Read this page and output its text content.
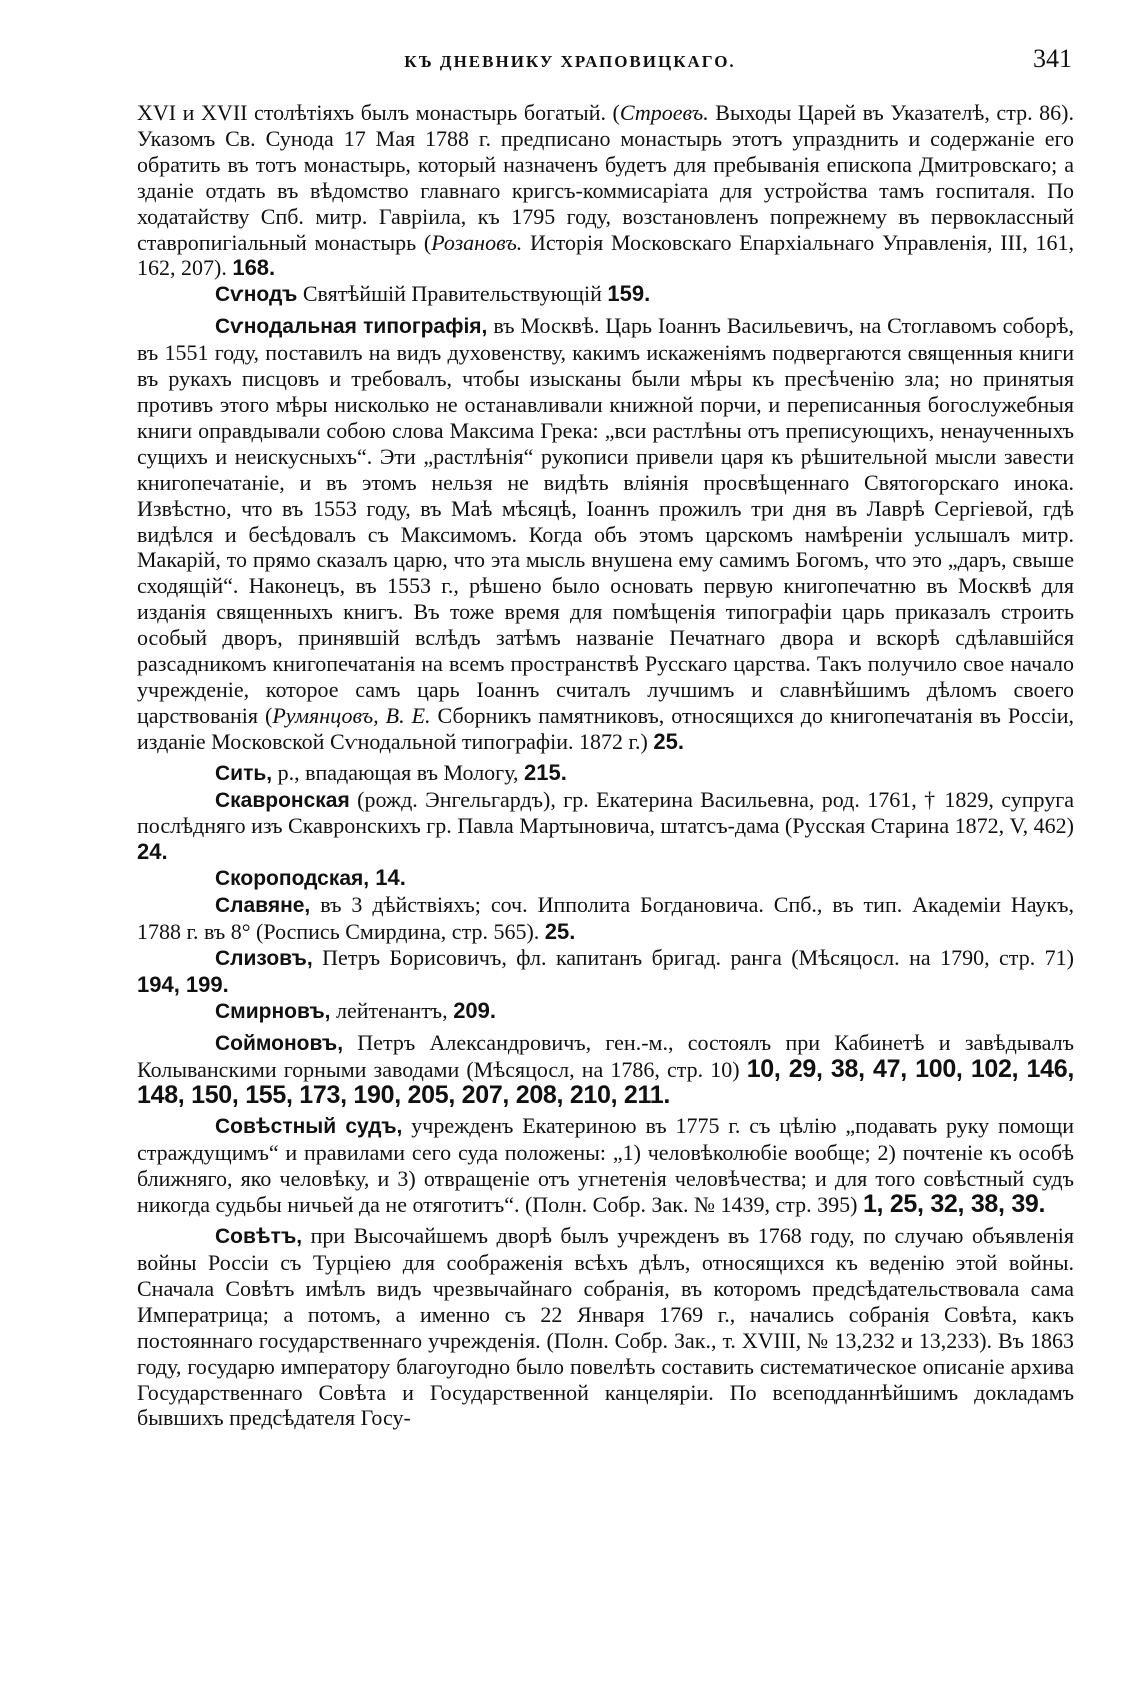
КЪ ДНЕВНИКУ ХРАПОВИЦКАГО.	341

XVI и XVII столѣтіяхъ былъ монастырь богатый. (Строевъ. Выходы Царей въ Указателѣ, стр. 86). Указомъ Св. Сунода 17 Мая 1788 г. предписано монастырь этотъ упразднить и содержаніе его обратить въ тотъ монастырь, который назначенъ будетъ для пребыванія епископа Дмитровскаго; а зданіе отдать въ вѣдомство главнаго кригсъ-коммисаріата для устройства тамъ госпиталя. По ходатайству Спб. митр. Гавріила, къ 1795 году, возстановленъ попрежнему въ первоклассный ставропигіальный монастырь (Розановъ. Исторія Московскаго Епархіальнаго Управленія, III, 161, 162, 207). 168.

Сѵнодъ Святѣйшій Правительствующій 159.

Сѵнодальная типографія, въ Москвѣ. Царь Іоаннъ Васильевичъ, на Стоглавомъ соборѣ, въ 1551 году, поставилъ на видъ духовенству, какимъ искаженіямъ подвергаются священныя книги въ рукахъ писцовъ и требовалъ, чтобы изысканы были мѣры къ пресѣченію зла; но принятыя противъ этого мѣры нисколько не останавливали книжной порчи, и переписанныя богослужебныя книги оправдывали собою слова Максима Грека: „вси растлѣны отъ преписующихъ, ненаученныхъ сущихъ и неискусныхъ“. Эти „растлѣнія“ рукописи привели царя къ рѣшительной мысли завести книгопечатаніе, и въ этомъ нельзя не видѣть вліянія просвѣщеннаго Святогорскаго инока. Извѣстно, что въ 1553 году, въ Маѣ мѣсяцѣ, Іоаннъ прожилъ три дня въ Лаврѣ Сергіевой, гдѣ видѣлся и бесѣдовалъ съ Максимомъ. Когда объ этомъ царскомъ намѣреніи услышалъ митр. Макарій, то прямо сказалъ царю, что эта мысль внушена ему самимъ Богомъ, что это „даръ, свыше сходящій“. Наконецъ, въ 1553 г., рѣшено было основать первую книгопечатню въ Москвѣ для изданія священныхъ книгъ. Въ тоже время для помѣщенія типографіи царь приказалъ строить особый дворъ, принявшій вслѣдъ затѣмъ названіе Печатнаго двора и вскорѣ сдѣлавшійся разсадникомъ книгопечатанія на всемъ пространствѣ Русскаго царства. Такъ получило свое начало учрежденіе, которое самъ царь Іоаннъ считалъ лучшимъ и славнѣйшимъ дѣломъ своего царствованія (Румянцовъ, В. Е. Сборникъ памятниковъ, относящихся до книгопечатанія въ Россіи, изданіе Московской Сѵнодальной типографіи. 1872 г.) 25.

Сить, р., впадающая въ Мологу, 215.

Скавронская (рожд. Энгельгардъ), гр. Екатерина Васильевна, род. 1761, † 1829, супруга послѣдняго изъ Скавронскихъ гр. Павла Мартыновича, штатсъ-дама (Русская Старина 1872, V, 462) 24.

Скороподская, 14.

Славяне, въ 3 дѣйствіяхъ; соч. Ипполита Богдановича. Спб., въ тип. Академіи Наукъ, 1788 г. въ 8° (Роспись Смирдина, стр. 565). 25.

Слизовъ, Петръ Борисовичъ, фл. капитанъ бригад. ранга (Мѣсяцосл. на 1790, стр. 71) 194, 199.

Смирновъ, лейтенантъ, 209.

Соймоновъ, Петръ Александровичъ, ген.-м., состоялъ при Кабинетѣ и завѣдывалъ Колыванскими горными заводами (Мѣсяцосл, на 1786, стр. 10) 10, 29, 38, 47, 100, 102, 146, 148, 150, 155, 173, 190, 205, 207, 208, 210, 211.

Совѣстный судъ, учрежденъ Екатериною въ 1775 г. съ цѣлію „подавать руку помощи страждущимъ“ и правилами сего суда положены: „1) человѣколюбіе вообще; 2) почтеніе къ особѣ ближняго, яко человѣку, и 3) отвращеніе отъ угнетенія человѣчества; и для того совѣстный судъ никогда судьбы ничьей да не отяготитъ“. (Полн. Собр. Зак. № 1439, стр. 395) 1, 25, 32, 38, 39.

Совѣтъ, при Высочайшемъ дворѣ былъ учрежденъ въ 1768 году, по случаю объявленія войны Россіи съ Турціею для соображенія всѣхъ дѣлъ, относящихся къ веденію этой войны. Сначала Совѣтъ имѣлъ видъ чрезвычайнаго собранія, въ которомъ предсѣдательствовала сама Императрица; а потомъ, а именно съ 22 Января 1769 г., начались собранія Совѣта, какъ постояннаго государственнаго учрежденія. (Полн. Собр. Зак., т. XVIII, № 13,232 и 13,233). Въ 1863 году, государю императору благоугодно было повелѣть составить систематическое описаніе архива Государственнаго Совѣта и Государственной канцеляріи. По всеподданнѣйшимъ докладамъ бывшихъ предсѣдателя Госу-
